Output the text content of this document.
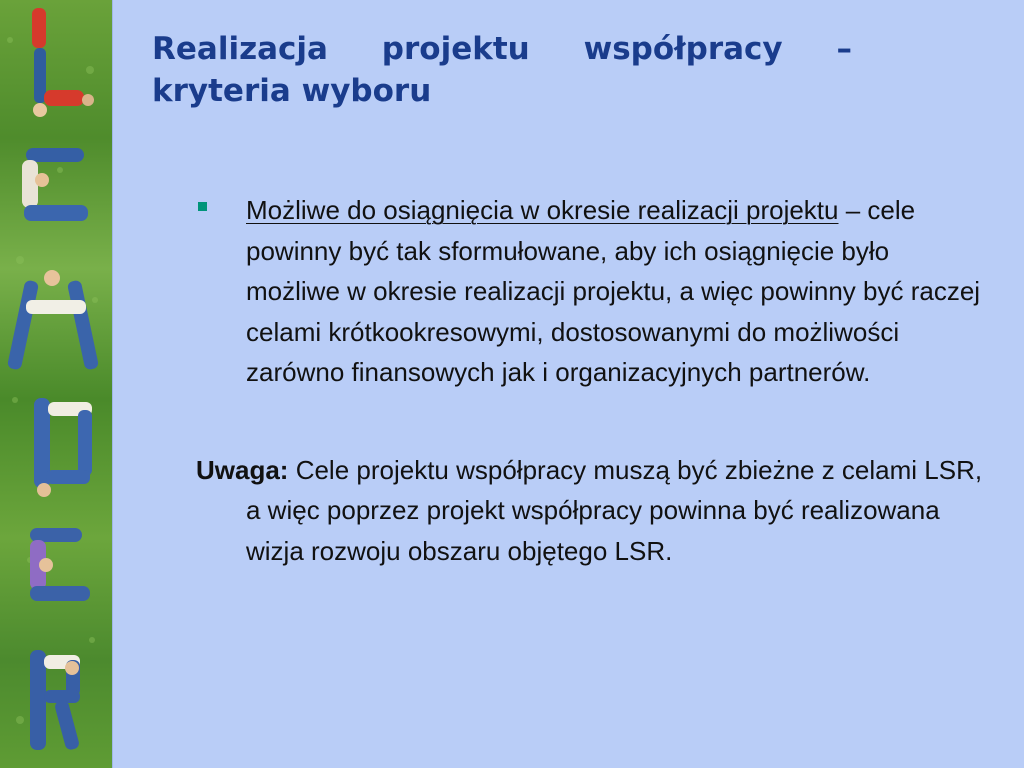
Realizacja projektu współpracy –
kryteria wyboru
Możliwe do osiągnięcia w okresie realizacji projektu – cele powinny być tak sformułowane, aby ich osiągnięcie było możliwe w okresie realizacji projektu, a więc powinny być raczej celami krótkookresowymi, dostosowanymi do możliwości zarówno finansowych jak i organizacyjnych partnerów.
Uwaga: Cele projektu współpracy muszą być zbieżne z celami LSR, a więc poprzez projekt współpracy powinna być realizowana wizja rozwoju obszaru objętego LSR.
